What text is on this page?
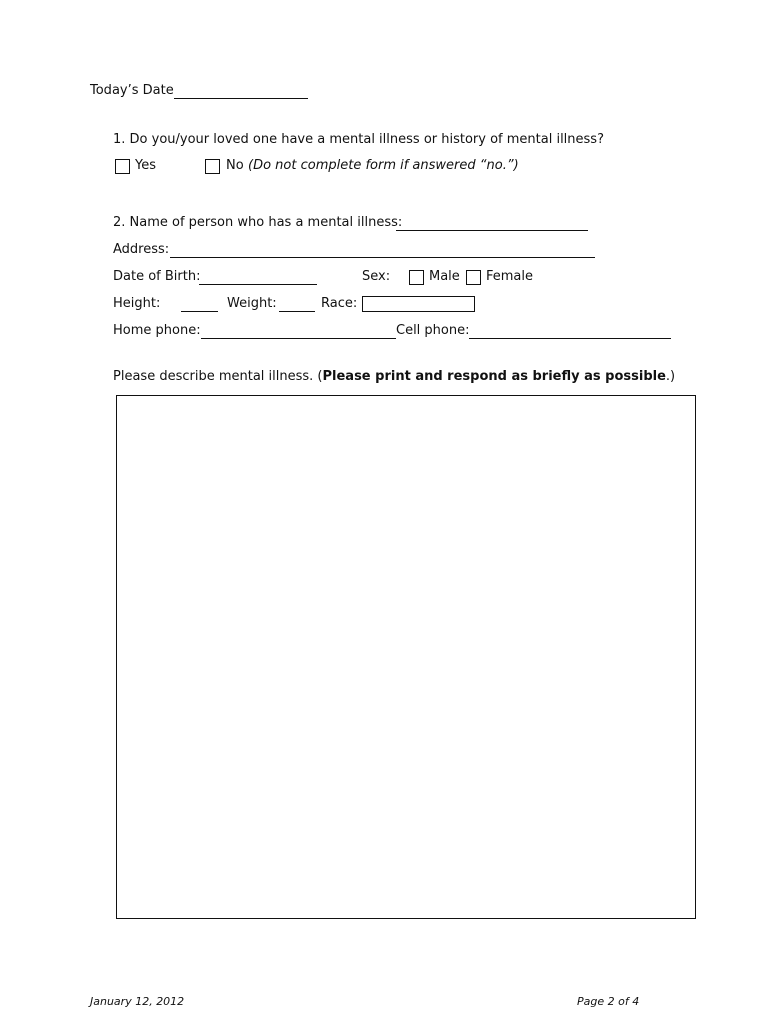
Today’s Date
1. Do you/your loved one have a mental illness or history of mental illness?
Yes	No (Do not complete form if answered “no.”)
2. Name of person who has a mental illness:
Address:
Date of Birth:	Sex:	Male Female
Height:	Weight:	Race:
Home phone:	Cell phone:
Please describe mental illness. (Please print and respond as briefly as possible.)
January 12, 2012	Page 2 of 4
